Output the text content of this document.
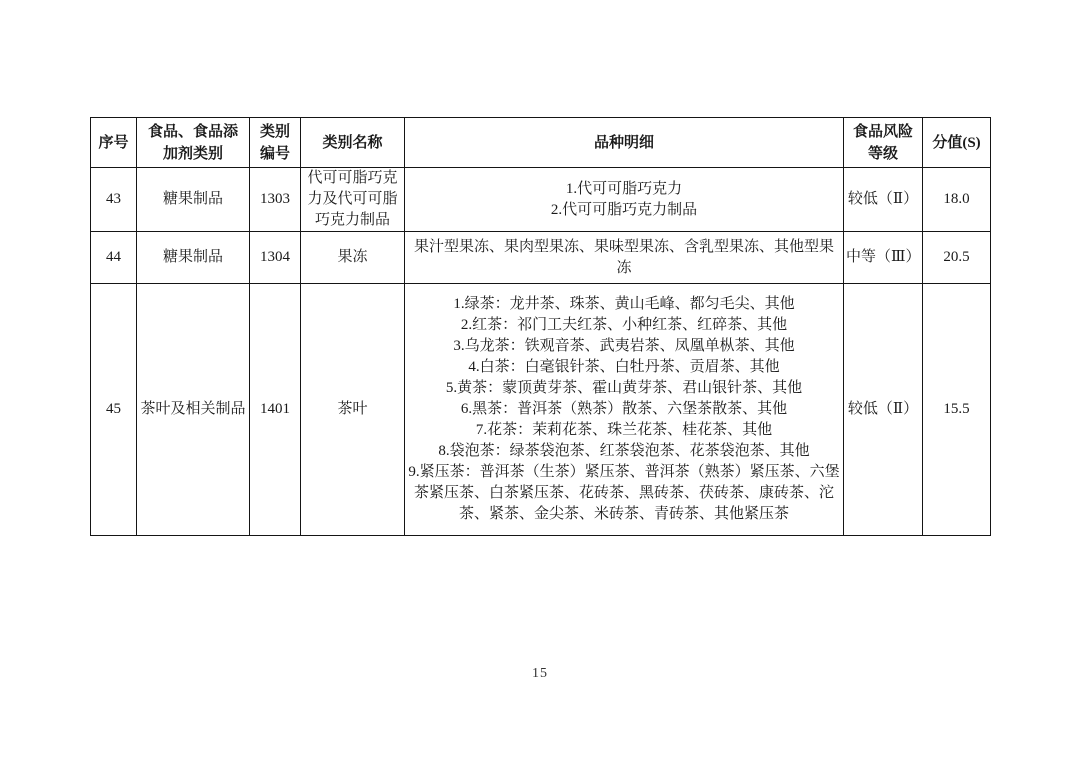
序号	食品、食品添加剂类别	类别编号	类别名称	品种明细	食品风险等级	分值(S)
43	糖果制品	1303	代可可脂巧克力及代可可脂巧克力制品	1.代可可脂巧克力
2.代可可脂巧克力制品	较低（Ⅱ）	18.0
44	糖果制品	1304	果冻	果汁型果冻、果肉型果冻、果味型果冻、含乳型果冻、其他型果冻	中等（Ⅲ）	20.5
45	茶叶及相关制品	1401	茶叶	
1.绿茶：龙井茶、珠茶、黄山毛峰、都匀毛尖、其他
2.红茶：祁门工夫红茶、小种红茶、红碎茶、其他
3.乌龙茶：铁观音茶、武夷岩茶、凤凰单枞茶、其他
4.白茶：白毫银针茶、白牡丹茶、贡眉茶、其他
5.黄茶：蒙顶黄芽茶、霍山黄芽茶、君山银针茶、其他
6.黑茶：普洱茶（熟茶）散茶、六堡茶散茶、其他
7.花茶：茉莉花茶、珠兰花茶、桂花茶、其他
8.袋泡茶：绿茶袋泡茶、红茶袋泡茶、花茶袋泡茶、其他
9.紧压茶：普洱茶（生茶）紧压茶、普洱茶（熟茶）紧压茶、六堡茶紧压茶、白茶紧压茶、花砖茶、黑砖茶、茯砖茶、康砖茶、沱茶、紧茶、金尖茶、米砖茶、青砖茶、其他紧压茶
	较低（Ⅱ）	15.5
15
